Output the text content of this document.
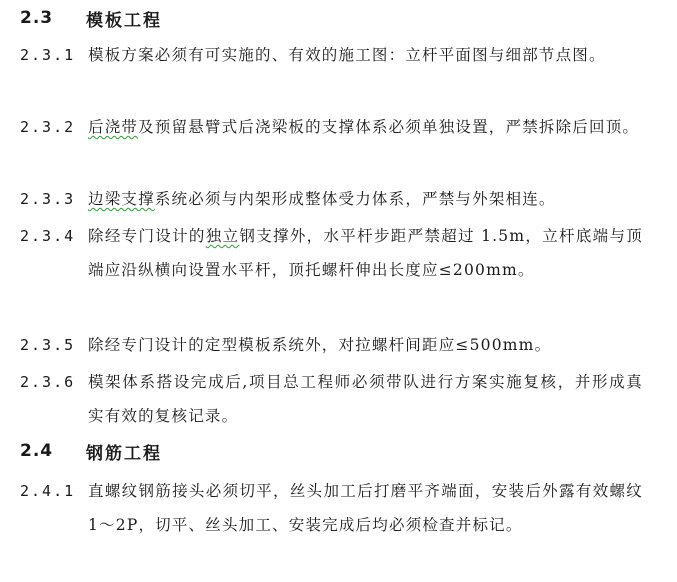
2.3	模板工程
2.3.1 模板方案必须有可实施的、有效的施工图：立杆平面图与细部节点图。
2.3.2 后浇带及预留悬臂式后浇梁板的支撑体系必须单独设置，严禁拆除后回顶。
2.3.3 边梁支撑系统必须与内架形成整体受力体系，严禁与外架相连。
2.3.4 除经专门设计的独立钢支撑外，水平杆步距严禁超过 1.5m，立杆底端与顶端应沿纵横向设置水平杆，顶托螺杆伸出长度应≤200mm。
2.3.5 除经专门设计的定型模板系统外，对拉螺杆间距应≤500mm。
2.3.6 模架体系搭设完成后,项目总工程师必须带队进行方案实施复核，并形成真实有效的复核记录。
2.4	钢筋工程
2.4.1 直螺纹钢筋接头必须切平，丝头加工后打磨平齐端面，安装后外露有效螺纹 1～2P，切平、丝头加工、安装完成后均必须检查并标记。
